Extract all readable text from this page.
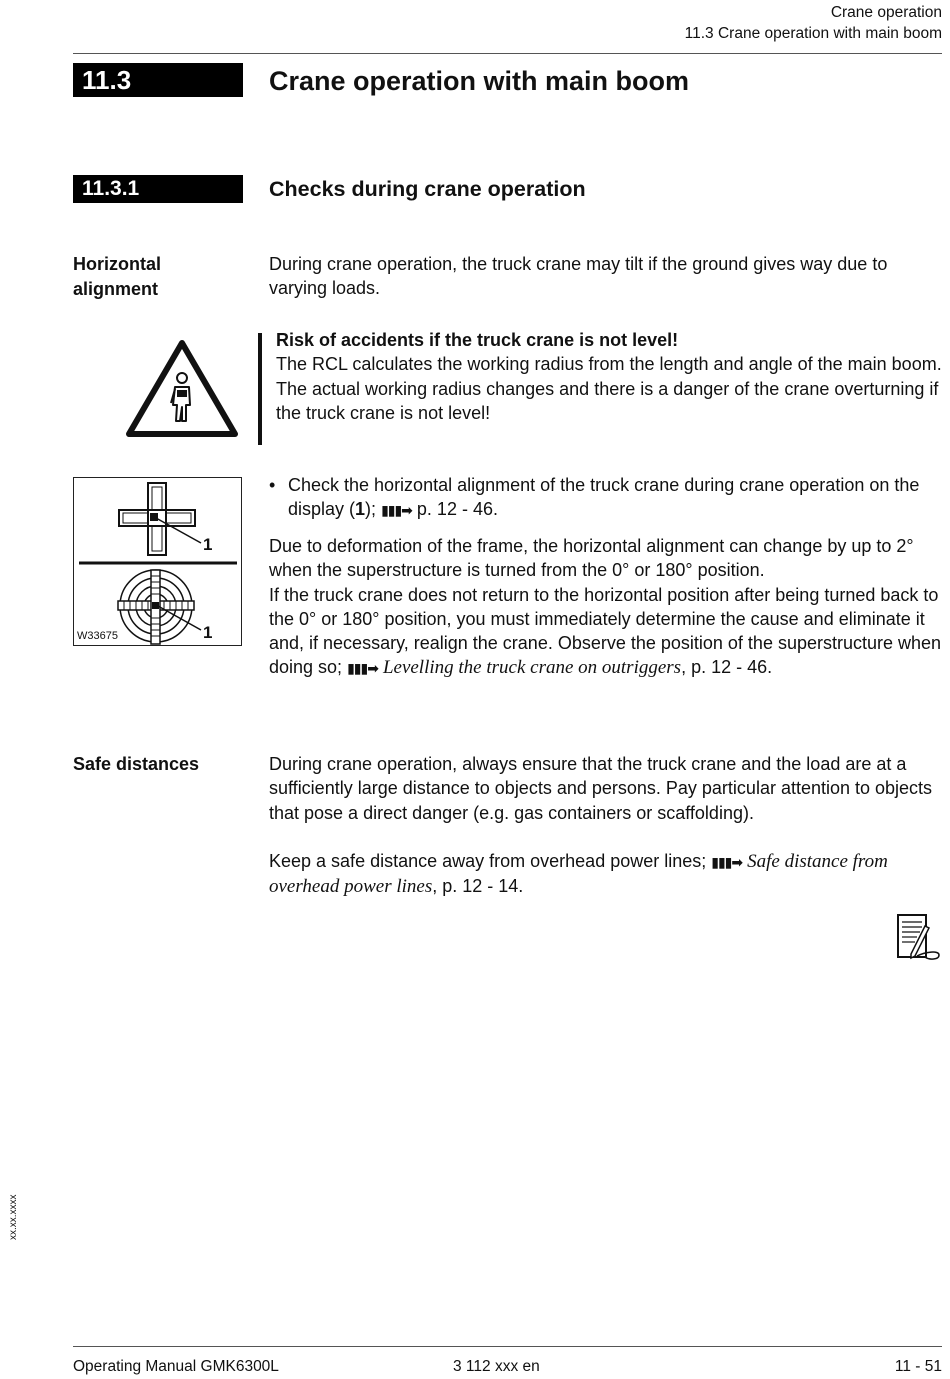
Crane operation
11.3 Crane operation with main boom
11.3	Crane operation with main boom
11.3.1	Checks during crane operation
Horizontal
alignment
During crane operation, the truck crane may tilt if the ground gives way due to varying loads.
Risk of accidents if the truck crane is not level!
The RCL calculates the working radius from the length and angle of the main boom. The actual working radius changes and there is a danger of the crane overturning if the truck crane is not level!
1
1
W33675
• Check the horizontal alignment of the truck crane during crane operation on the display (1); ▮▮▮➡ p. 12 - 46.
Due to deformation of the frame, the horizontal alignment can change by up to 2° when the superstructure is turned from the 0° or 180° position.
If the truck crane does not return to the horizontal position after being turned back to the 0° or 180° position, you must immediately determine the cause and eliminate it and, if necessary, realign the crane. Observe the position of the superstructure when doing so; ▮▮▮➡ Levelling the truck crane on outriggers, p. 12 - 46.
Safe distances	During crane operation, always ensure that the truck crane and the load are at a sufficiently large distance to objects and persons. Pay particular attention to objects that pose a direct danger (e.g. gas containers or scaffolding).
Keep a safe distance away from overhead power lines; ▮▮▮➡ Safe distance from overhead power lines, p. 12 - 14.
xx.xx.xxxx
Operating Manual GMK6300L	3 112 xxx en	11 - 51
